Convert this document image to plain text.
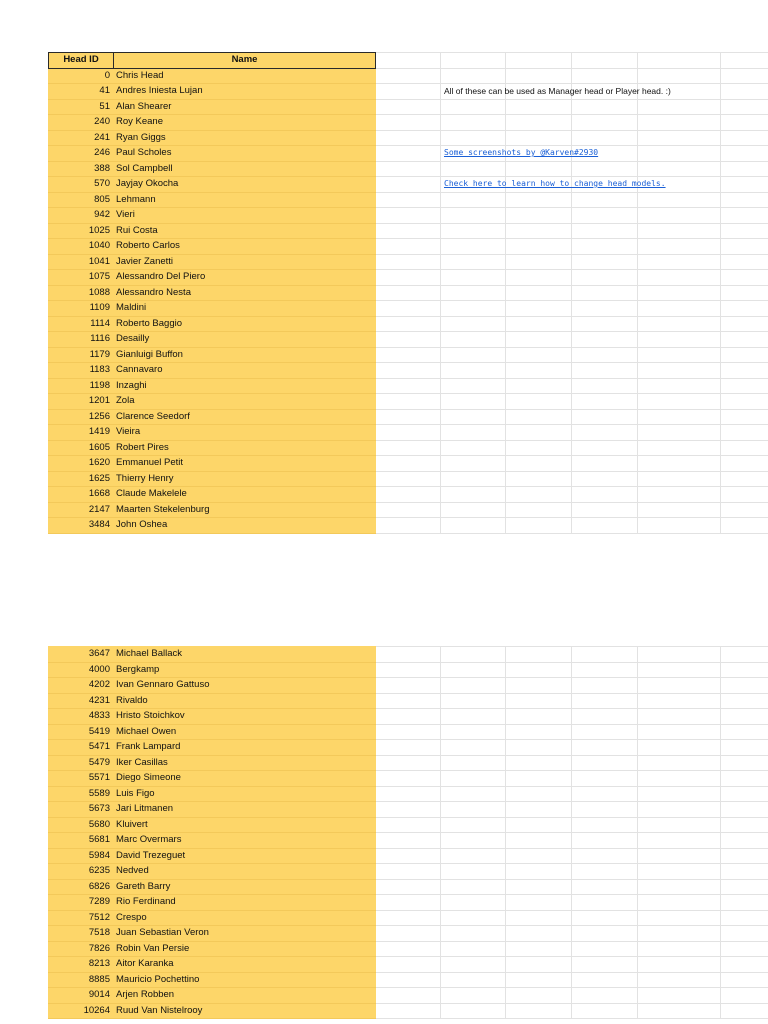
Head ID	Name						
0	Chris Head						
41	Andres Iniesta Lujan		All of these can be used as Manager head or Player head. :)				
51	Alan Shearer						
240	Roy Keane						
241	Ryan Giggs						
246	Paul Scholes		Some screenshots by @Karven#2930				
388	Sol Campbell						
570	Jayjay Okocha		Check here to learn how to change head models.				
805	Lehmann						
942	Vieri						
1025	Rui Costa						
1040	Roberto Carlos						
1041	Javier Zanetti						
1075	Alessandro Del Piero						
1088	Alessandro Nesta						
1109	Maldini						
1114	Roberto Baggio						
1116	Desailly						
1179	Gianluigi Buffon						
1183	Cannavaro						
1198	Inzaghi						
1201	Zola						
1256	Clarence Seedorf						
1419	Vieira						
1605	Robert Pires						
1620	Emmanuel Petit						
1625	Thierry Henry						
1668	Claude Makelele						
2147	Maarten Stekelenburg						
3484	John Oshea						
3647	Michael Ballack						
4000	Bergkamp						
4202	Ivan Gennaro Gattuso						
4231	Rivaldo						
4833	Hristo Stoichkov						
5419	Michael Owen						
5471	Frank Lampard						
5479	Iker Casillas						
5571	Diego Simeone						
5589	Luis Figo						
5673	Jari Litmanen						
5680	Kluivert						
5681	Marc Overmars						
5984	David Trezeguet						
6235	Nedved						
6826	Gareth Barry						
7289	Rio Ferdinand						
7512	Crespo						
7518	Juan Sebastian Veron						
7826	Robin Van Persie						
8213	Aitor Karanka						
8885	Mauricio Pochettino						
9014	Arjen Robben						
10264	Ruud Van Nistelrooy						
